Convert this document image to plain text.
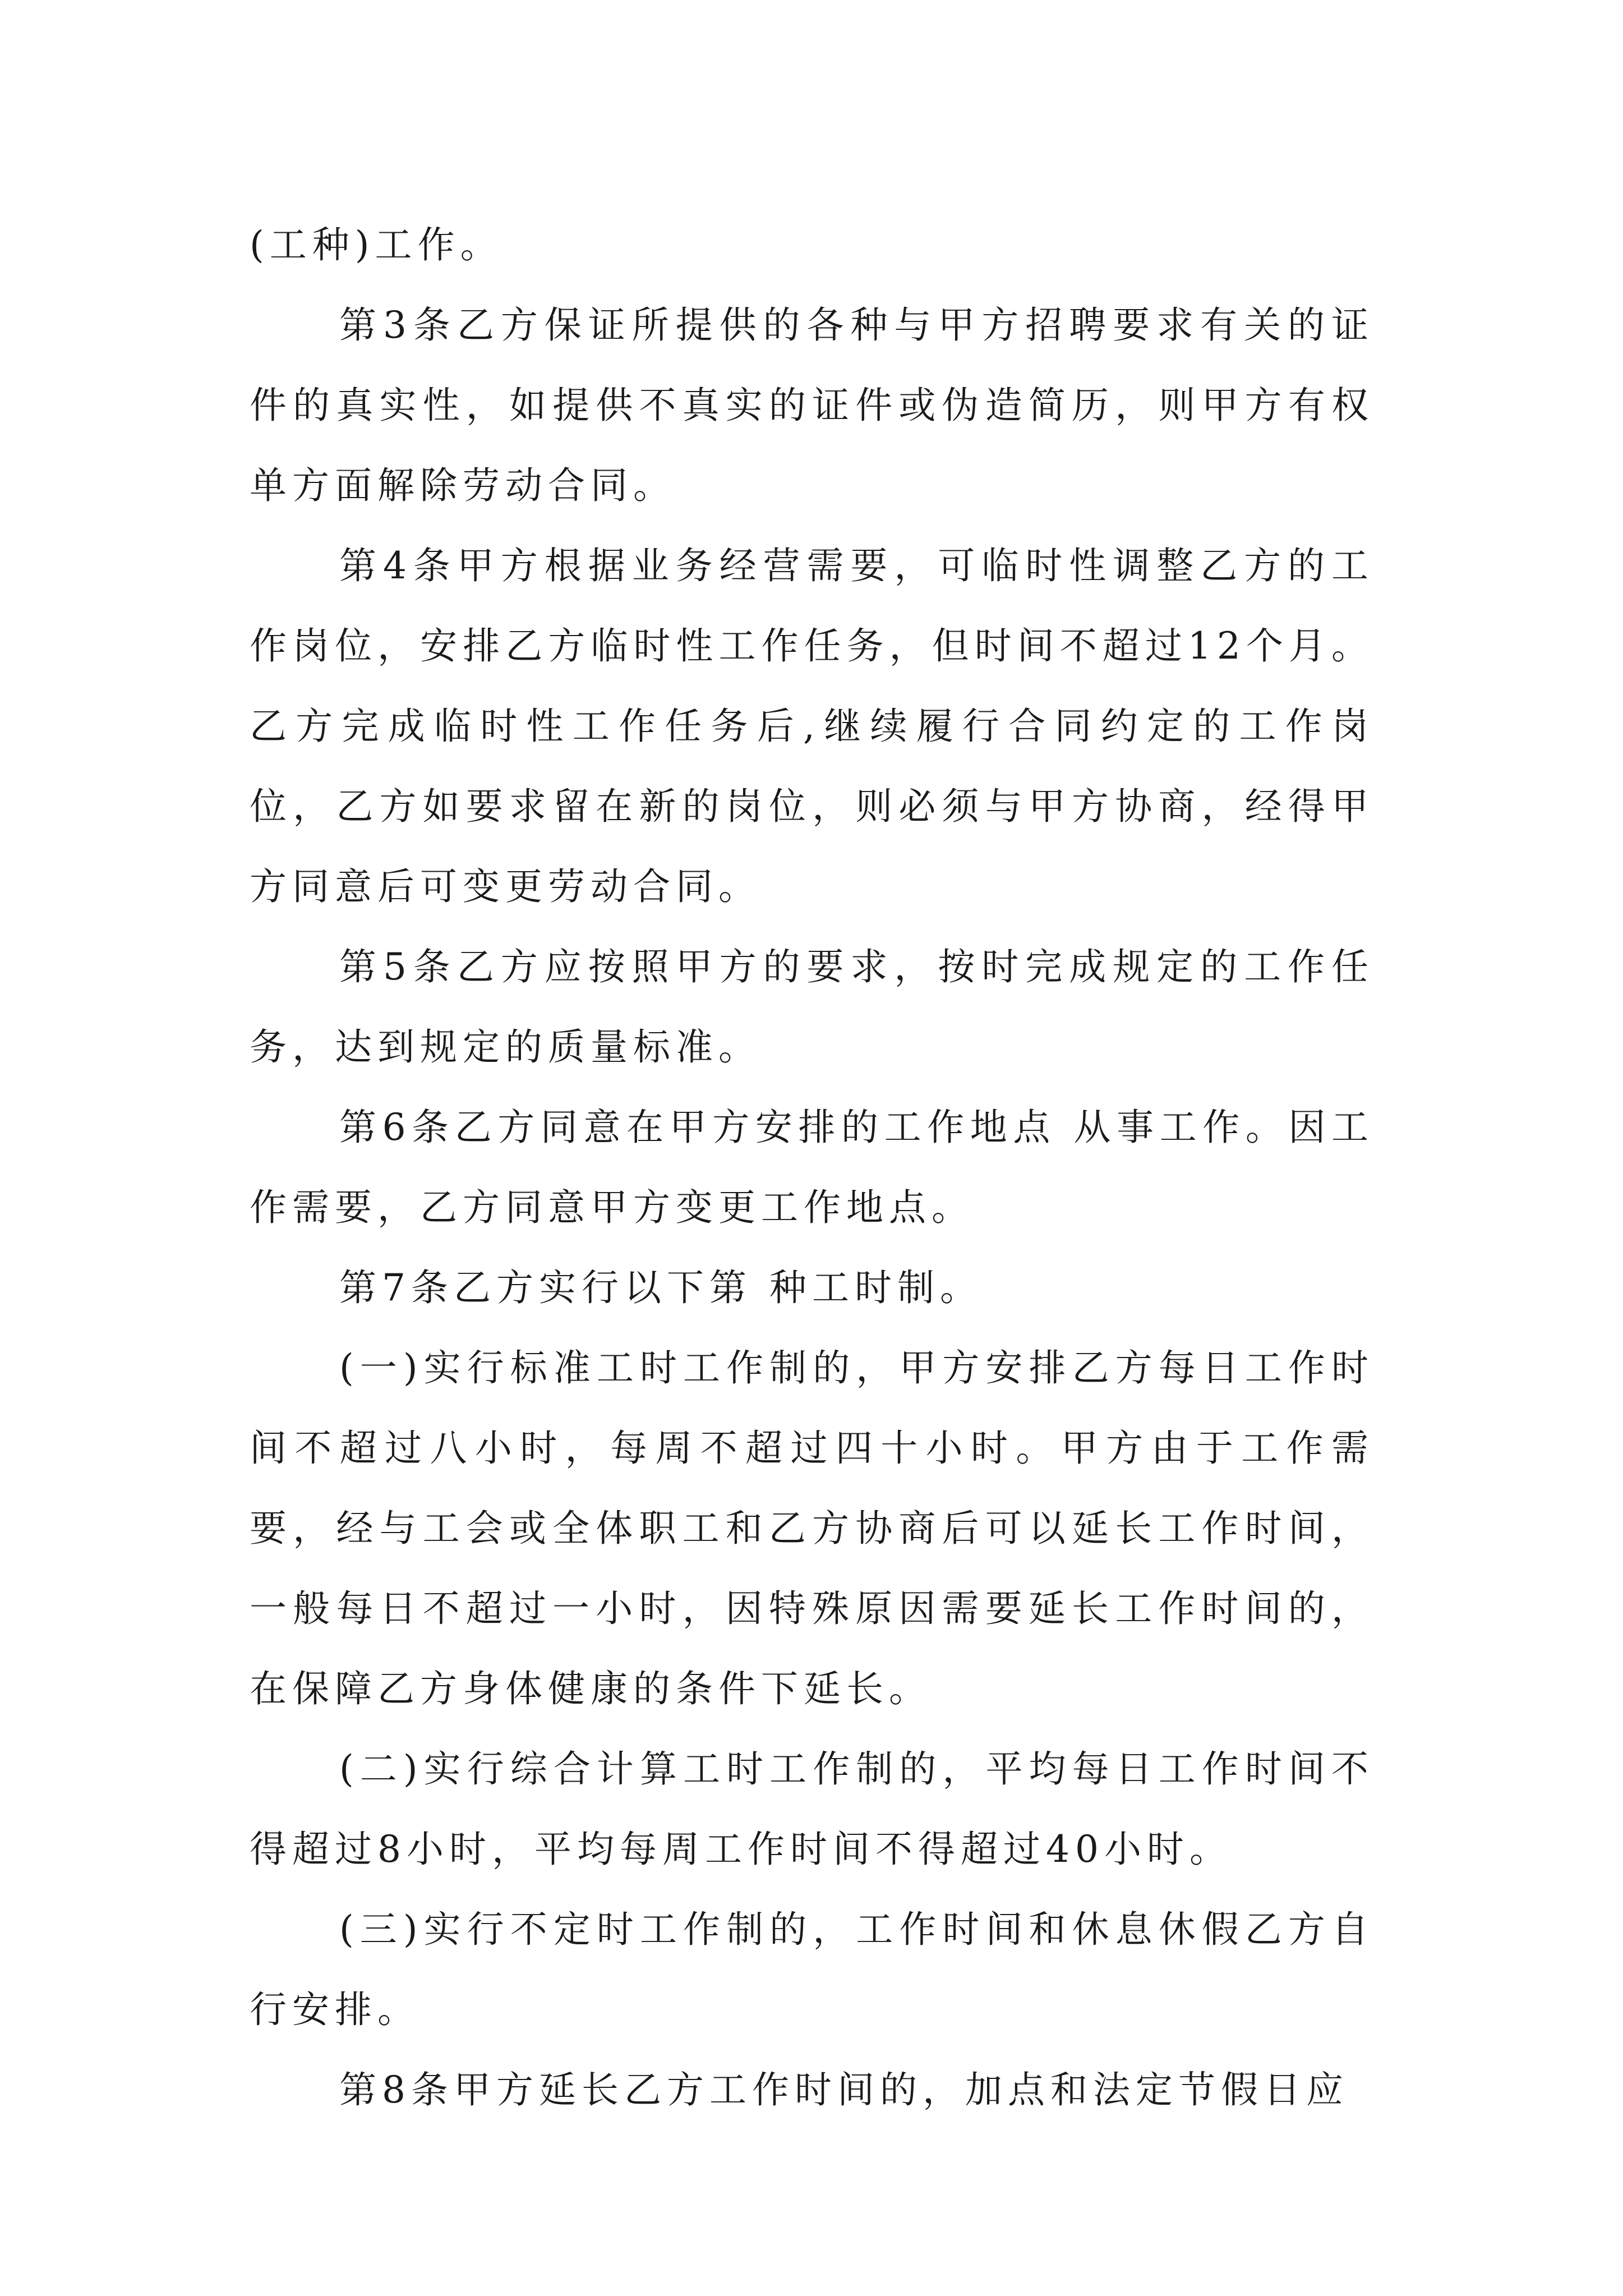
(工种)工作。

第3条乙方保证所提供的各种与甲方招聘要求有关的证件的真实性，如提供不真实的证件或伪造简历，则甲方有权单方面解除劳动合同。

第4条甲方根据业务经营需要，可临时性调整乙方的工作岗位，安排乙方临时性工作任务，但时间不超过12个月。乙方完成临时性工作任务后,继续履行合同约定的工作岗位，乙方如要求留在新的岗位，则必须与甲方协商，经得甲方同意后可变更劳动合同。

第5条乙方应按照甲方的要求，按时完成规定的工作任务，达到规定的质量标准。

第6条乙方同意在甲方安排的工作地点 从事工作。因工作需要，乙方同意甲方变更工作地点。

第7条乙方实行以下第 种工时制。

(一)实行标准工时工作制的，甲方安排乙方每日工作时间不超过八小时，每周不超过四十小时。甲方由于工作需要，经与工会或全体职工和乙方协商后可以延长工作时间，一般每日不超过一小时，因特殊原因需要延长工作时间的，在保障乙方身体健康的条件下延长。

(二)实行综合计算工时工作制的，平均每日工作时间不得超过8小时，平均每周工作时间不得超过40小时。

(三)实行不定时工作制的，工作时间和休息休假乙方自行安排。

第8条甲方延长乙方工作时间的，加点和法定节假日应
